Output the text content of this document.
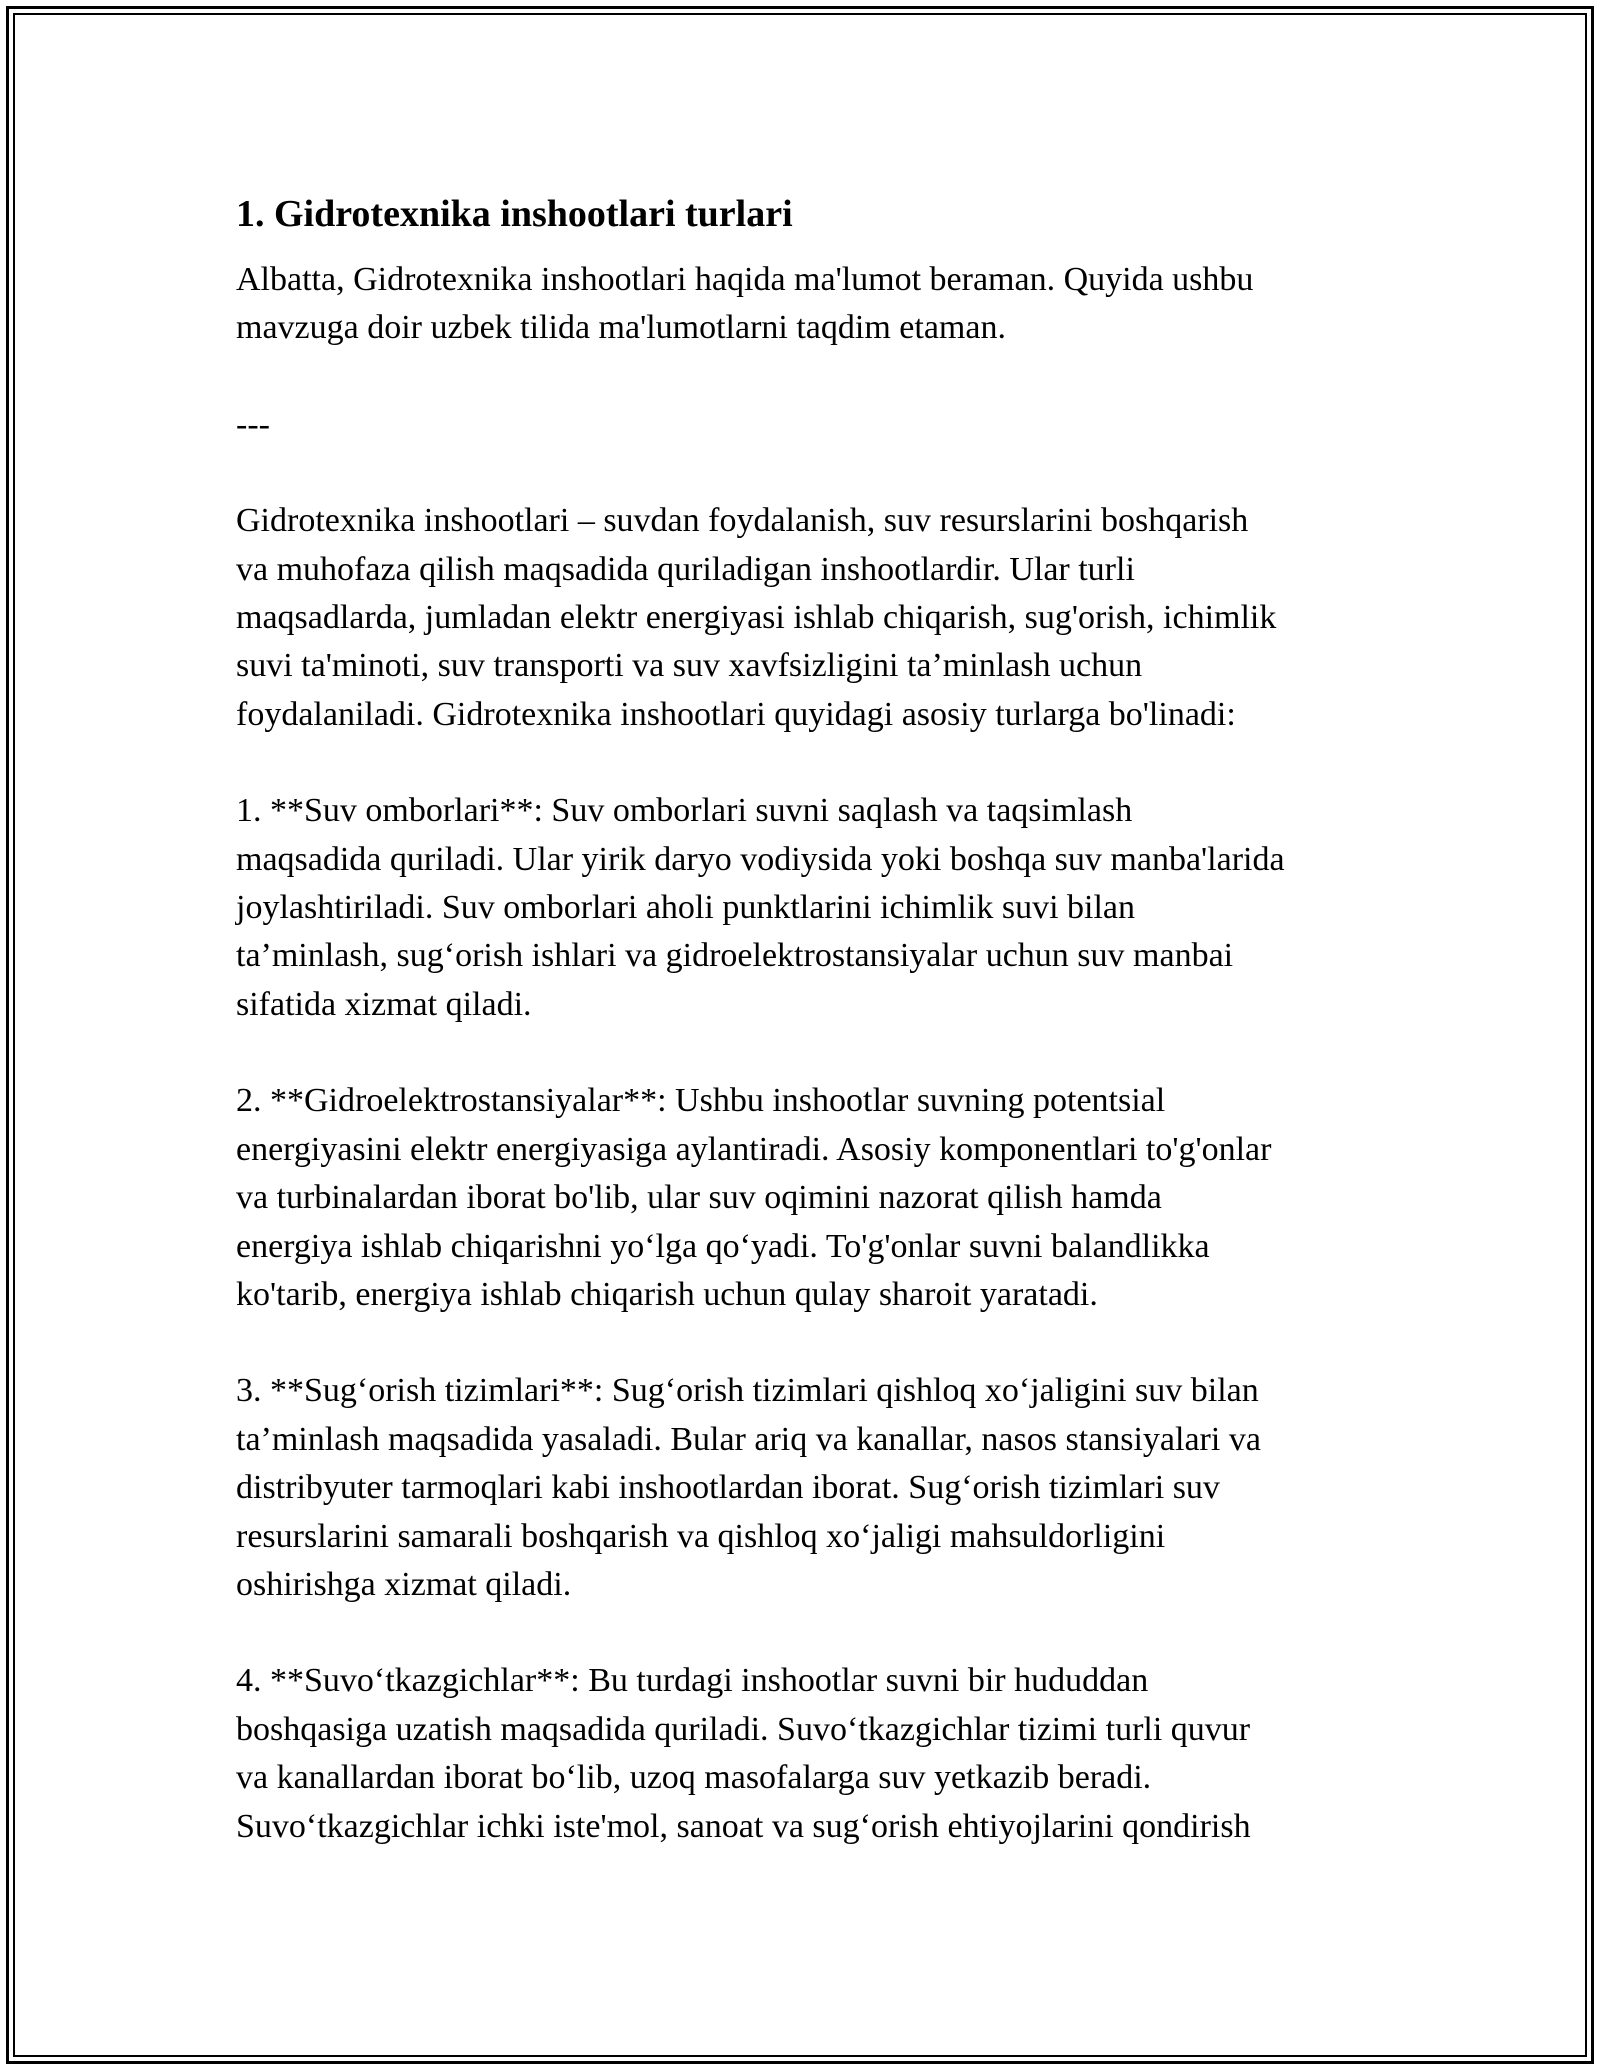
1. Gidrotexnika inshootlari turlari

Albatta, Gidrotexnika inshootlari haqida ma'lumot beraman. Quyida ushbu
mavzuga doir uzbek tilida ma'lumotlarni taqdim etaman.

---

Gidrotexnika inshootlari – suvdan foydalanish, suv resurslarini boshqarish
va muhofaza qilish maqsadida quriladigan inshootlardir. Ular turli
maqsadlarda, jumladan elektr energiyasi ishlab chiqarish, sug'orish, ichimlik
suvi ta'minoti, suv transporti va suv xavfsizligini ta’minlash uchun
foydalaniladi. Gidrotexnika inshootlari quyidagi asosiy turlarga bo'linadi:

1. **Suv omborlari**: Suv omborlari suvni saqlash va taqsimlash
maqsadida quriladi. Ular yirik daryo vodiysida yoki boshqa suv manba'larida
joylashtiriladi. Suv omborlari aholi punktlarini ichimlik suvi bilan
ta’minlash, sug‘orish ishlari va gidroelektrostansiyalar uchun suv manbai
sifatida xizmat qiladi.

2. **Gidroelektrostansiyalar**: Ushbu inshootlar suvning potentsial
energiyasini elektr energiyasiga aylantiradi. Asosiy komponentlari to'g'onlar
va turbinalardan iborat bo'lib, ular suv oqimini nazorat qilish hamda
energiya ishlab chiqarishni yo‘lga qo‘yadi. To'g'onlar suvni balandlikka
ko'tarib, energiya ishlab chiqarish uchun qulay sharoit yaratadi.

3. **Sug‘orish tizimlari**: Sug‘orish tizimlari qishloq xo‘jaligini suv bilan
ta’minlash maqsadida yasaladi. Bular ariq va kanallar, nasos stansiyalari va
distribyuter tarmoqlari kabi inshootlardan iborat. Sug‘orish tizimlari suv
resurslarini samarali boshqarish va qishloq xo‘jaligi mahsuldorligini
oshirishga xizmat qiladi.

4. **Suvo‘tkazgichlar**: Bu turdagi inshootlar suvni bir hududdan
boshqasiga uzatish maqsadida quriladi. Suvo‘tkazgichlar tizimi turli quvur
va kanallardan iborat bo‘lib, uzoq masofalarga suv yetkazib beradi.
Suvo‘tkazgichlar ichki iste'mol, sanoat va sug‘orish ehtiyojlarini qondirish
